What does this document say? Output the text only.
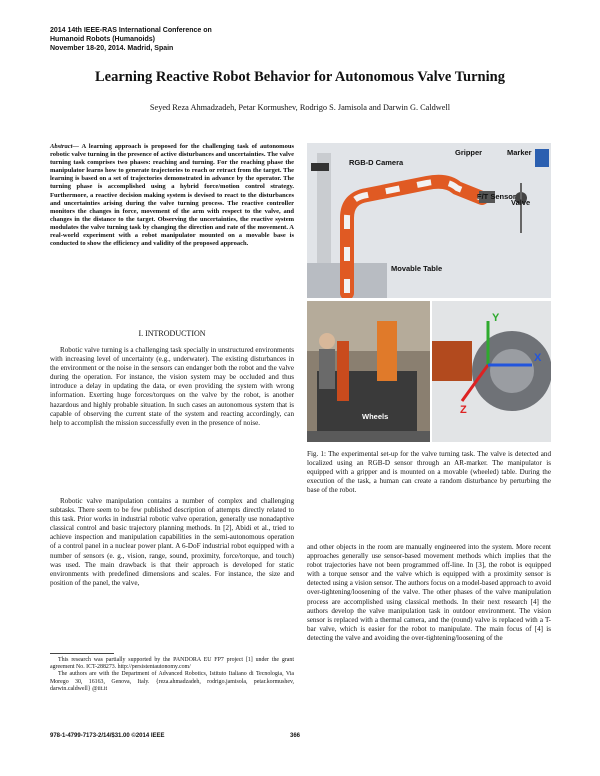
2014 14th IEEE-RAS International Conference on
Humanoid Robots (Humanoids)
November 18-20, 2014. Madrid, Spain
Learning Reactive Robot Behavior for Autonomous Valve Turning
Seyed Reza Ahmadzadeh, Petar Kormushev, Rodrigo S. Jamisola and Darwin G. Caldwell
Abstract— A learning approach is proposed for the challenging task of autonomous robotic valve turning in the presence of active disturbances and uncertainties. The valve turning task comprises two phases: reaching and turning. For the reaching phase the manipulator learns how to generate trajectories to reach or retract from the target. The learning is based on a set of trajectories demonstrated in advance by the operator. The turning phase is accomplished using a hybrid force/motion control strategy. Furthermore, a reactive decision making system is devised to react to the disturbances and uncertainties arising during the valve turning process. The reactive controller monitors the changes in force, movement of the arm with respect to the valve, and changes in the distance to the target. Observing the uncertainties, the reactive system modulates the valve turning task by changing the direction and rate of the movement. A real-world experiment with a robot manipulator mounted on a movable base is conducted to show the efficiency and validity of the proposed approach.
I. INTRODUCTION
Robotic valve turning is a challenging task specially in unstructured environments with increasing level of uncertainty (e.g., underwater). The existing disturbances in the environment or the noise in the sensors can endanger both the robot and the valve during the operation. For instance, the vision system may be occluded and thus introduce a delay in updating the data, or even providing the system with wrong information. Exerting huge forces/torques on the valve by the robot, is another hazardous and highly probable situation. In such cases an autonomous system that is capable of observing the current state of the system and reacting accordingly, can help to accomplish the mission successfully even in the presence of noise.
Robotic valve manipulation contains a number of complex and challenging subtasks. There seem to be few published description of attempts directly related to this task. Prior works in industrial robotic valve operation, generally use nonadaptive classical control and basic trajectory planning methods. In [2], Abidi et al., tried to achieve inspection and manipulation capabilities in the semi-autonomous operation of a control panel in a nuclear power plant. A 6-DoF industrial robot equipped with a number of sensors (e. g., vision, range, sound, proximity, force/torque, and touch) was used. The main drawback is that their approach is developed for static environments with predefined dimensions and scales. For instance, the size and position of the panel, the valve,

This research was partially supported by the PANDORA EU FP7 project [1] under the grant agreement No. ICT-288273. http://persistentautonomy.com/

The authors are with the Department of Advanced Robotics, Istituto Italiano di Tecnologia, Via Morego 30, 16163, Genova, Italy. {reza.ahmadzadeh, rodrigo.jamisola, petar.kormushev, darwin.caldwell} @iit.it

RGB-D Camera
Gripper	Marker
F/T Sensor
Valve
Movable Table
Wheels
Y
Z
X
Fig. 1: The experimental set-up for the valve turning task. The valve is detected and localized using an RGB-D sensor through an AR-marker. The manipulator is equipped with a gripper and is mounted on a movable (wheeled) table. During the execution of the task, a human can create a random disturbance by perturbing the base of the robot.
and other objects in the room are manually engineered into the system. More recent approaches generally use sensor-based movement methods which implies that the robot trajectories have not been programmed off-line. In [3], the robot is equipped with a torque sensor and the valve which is equipped with a proximity sensor is detected using a vision sensor. The authors focus on a model-based approach to avoid over-tightening/loosening of the valve. The other phases of the valve manipulation process are accomplished using classical methods. In their next research [4] the authors develop the valve manipulation task in outdoor environment. The vision sensor is replaced with a thermal camera, and the (round) valve is replaced with a T-bar valve, which is easier for the robot to manipulate. The main focus of [4] is detecting the valve and avoiding the over-tightening/loosening of the
978-1-4799-7173-2/14/$31.00 ©2014 IEEE	366
